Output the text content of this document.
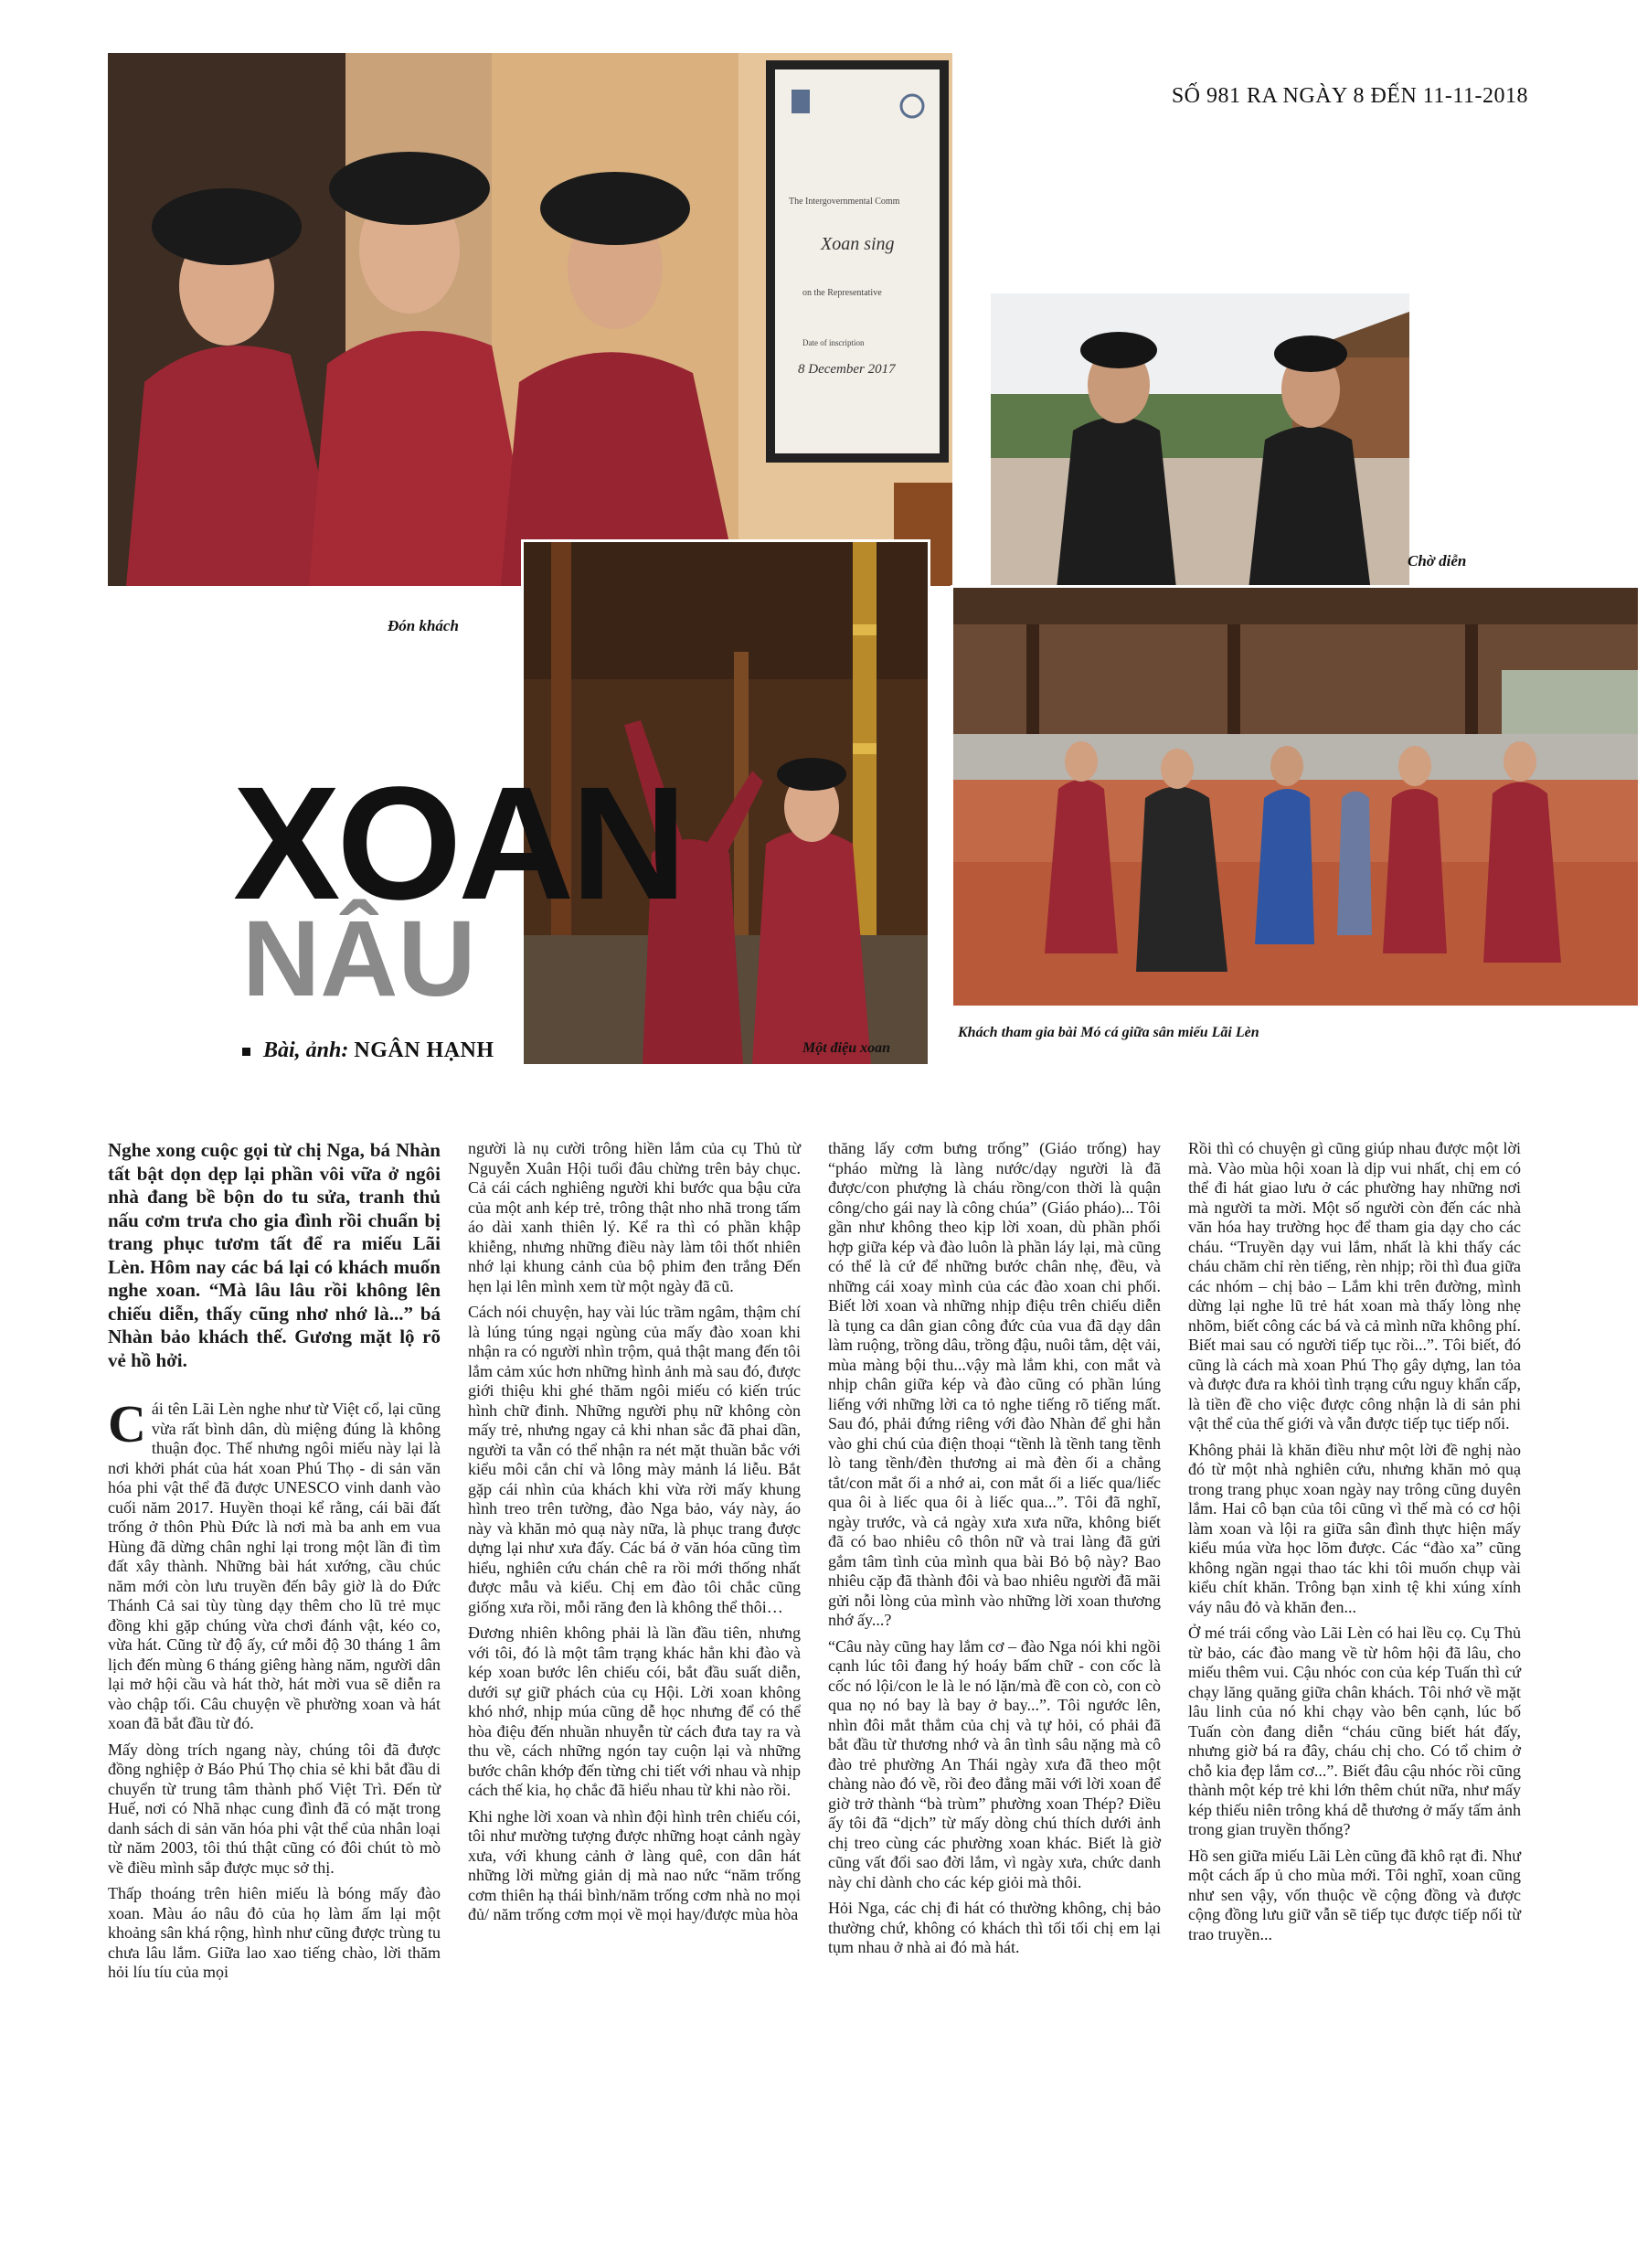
SỐ 981 RA NGÀY 8 ĐẾN 11-11-2018
The Intergovernmental Comm
Xoan sing
on the Representative
Date of inscription
8 December 2017
Đón khách
Chờ diễn
Một điệu xoan
Khách tham gia bài Mó cá giữa sân miếu Lãi Lèn
XOAN
NÂU
Bài, ảnh: NGÂN HẠNH

Nghe xong cuộc gọi từ chị Nga, bá Nhàn tất bật dọn dẹp lại phần vôi vữa ở ngôi nhà đang bề bộn do tu sửa, tranh thủ nấu cơm trưa cho gia đình rồi chuẩn bị trang phục tươm tất để ra miếu Lãi Lèn. Hôm nay các bá lại có khách muốn nghe xoan. “Mà lâu lâu rồi không lên chiếu diễn, thấy cũng nhơ nhớ là...” bá Nhàn bảo khách thế. Gương mặt lộ rõ vẻ hồ hởi.

Cái tên Lãi Lèn nghe như từ Việt cổ, lại cũng vừa rất bình dân, dù miệng đúng là không thuận đọc. Thế nhưng ngôi miếu này lại là nơi khởi phát của hát xoan Phú Thọ - di sản văn hóa phi vật thể đã được UNESCO vinh danh vào cuối năm 2017. Huyền thoại kể rằng, cái bãi đất trống ở thôn Phù Đức là nơi mà ba anh em vua Hùng đã dừng chân nghỉ lại trong một lần đi tìm đất xây thành. Những bài hát xướng, cầu chúc năm mới còn lưu truyền đến bây giờ là do Đức Thánh Cả sai tùy tùng dạy thêm cho lũ trẻ mục đồng khi gặp chúng vừa chơi đánh vật, kéo co, vừa hát. Cũng từ độ ấy, cứ mỗi độ 30 tháng 1 âm lịch đến mùng 6 tháng giêng hàng năm, người dân lại mở hội cầu và hát thờ, hát mời vua sẽ diễn ra vào chập tối. Câu chuyện về phường xoan và hát xoan đã bắt đầu từ đó.

Mấy dòng trích ngang này, chúng tôi đã được đồng nghiệp ở Báo Phú Thọ chia sẻ khi bắt đầu di chuyển từ trung tâm thành phố Việt Trì. Đến từ Huế, nơi có Nhã nhạc cung đình đã có mặt trong danh sách di sản văn hóa phi vật thể của nhân loại từ năm 2003, tôi thú thật cũng có đôi chút tò mò về điều mình sắp được mục sở thị.

Thấp thoáng trên hiên miếu là bóng mấy đào xoan. Màu áo nâu đỏ của họ làm ấm lại một khoảng sân khá rộng, hình như cũng được trùng tu chưa lâu lắm. Giữa lao xao tiếng chào, lời thăm hỏi líu tíu của mọi

người là nụ cười trông hiền lắm của cụ Thủ từ Nguyễn Xuân Hội tuổi đâu chừng trên bảy chục. Cả cái cách nghiêng người khi bước qua bậu cửa của một anh kép trẻ, trông thật nho nhã trong tấm áo dài xanh thiên lý. Kể ra thì có phần khập khiễng, nhưng những điều này làm tôi thốt nhiên nhớ lại khung cảnh của bộ phim đen trắng Đến hẹn lại lên mình xem từ một ngày đã cũ.

Cách nói chuyện, hay vài lúc trầm ngâm, thậm chí là lúng túng ngại ngùng của mấy đào xoan khi nhận ra có người nhìn trộm, quả thật mang đến tôi lắm cảm xúc hơn những hình ảnh mà sau đó, được giới thiệu khi ghé thăm ngôi miếu có kiến trúc hình chữ đinh. Những người phụ nữ không còn mấy trẻ, nhưng ngay cả khi nhan sắc đã phai dần, người ta vẫn có thể nhận ra nét mặt thuần bắc với kiểu môi cắn chỉ và lông mày mảnh lá liễu. Bắt gặp cái nhìn của khách khi vừa rời mấy khung hình treo trên tường, đào Nga bảo, váy này, áo này và khăn mỏ quạ này nữa, là phục trang được dựng lại như xưa đấy. Các bá ở văn hóa cũng tìm hiểu, nghiên cứu chán chê ra rồi mới thống nhất được mẫu và kiểu. Chị em đào tôi chắc cũng giống xưa rồi, mỗi răng đen là không thể thôi…

Đương nhiên không phải là lần đầu tiên, nhưng với tôi, đó là một tâm trạng khác hẳn khi đào và kép xoan bước lên chiếu cói, bắt đầu suất diễn, dưới sự giữ phách của cụ Hội. Lời xoan không khó nhớ, nhịp múa cũng dễ học nhưng để có thể hòa điệu đến nhuần nhuyễn từ cách đưa tay ra và thu về, cách những ngón tay cuộn lại và những bước chân khớp đến từng chi tiết với nhau và nhịp cách thế kia, họ chắc đã hiểu nhau từ khi nào rồi.

Khi nghe lời xoan và nhìn đội hình trên chiếu cói, tôi như mường tượng được những hoạt cảnh ngày xưa, với khung cảnh ở làng quê, con dân hát những lời mừng giản dị mà nao nức “năm trống cơm thiên hạ thái bình/năm trống cơm nhà no mọi đủ/ năm trống cơm mọi về mọi hay/được mùa hòa

thăng lấy cơm bưng trống” (Giáo trống) hay “pháo mừng là làng nước/dạy người là đã được/con phượng là cháu rồng/con thời là quận công/cho gái nay là công chúa” (Giáo pháo)... Tôi gần như không theo kịp lời xoan, dù phần phối hợp giữa kép và đào luôn là phần láy lại, mà cũng có thể là cứ để những bước chân nhẹ, đều, và những cái xoay mình của các đào xoan chi phối. Biết lời xoan và những nhịp điệu trên chiếu diễn là tụng ca dân gian công đức của vua đã dạy dân làm ruộng, trồng dâu, trồng đậu, nuôi tằm, dệt vải, mùa màng bội thu...vậy mà lắm khi, con mắt và nhịp chân giữa kép và đào cũng có phần lúng liếng với những lời ca tỏ nghe tiếng rõ tiếng mất. Sau đó, phải đứng riêng với đào Nhàn để ghi hẳn vào ghi chú của điện thoại “tềnh là tềnh tang tềnh lò tang tềnh/đèn thương ai mà đèn ối a chẳng tắt/con mắt ối a nhớ ai, con mắt ối a liếc qua/liếc qua ôi à liếc qua ôi à liếc qua...”. Tôi đã nghĩ, ngày trước, và cả ngày xưa xưa nữa, không biết đã có bao nhiêu cô thôn nữ và trai làng đã gửi gắm tâm tình của mình qua bài Bỏ bộ này? Bao nhiêu cặp đã thành đôi và bao nhiêu người đã mãi gửi nỗi lòng của mình vào những lời xoan thương nhớ ấy...?

“Câu này cũng hay lắm cơ – đào Nga nói khi ngồi cạnh lúc tôi đang hý hoáy bấm chữ - con cốc là cốc nó lội/con le là le nó lặn/mà đề con cò, con cò qua nọ nó bay là bay ở bay...”. Tôi ngước lên, nhìn đôi mắt thẳm của chị và tự hỏi, có phải đã bắt đầu từ thương nhớ và ân tình sâu nặng mà cô đào trẻ phường An Thái ngày xưa đã theo một chàng nào đó về, rồi đeo đẳng mãi với lời xoan để giờ trở thành “bà trùm” phường xoan Thép? Điều ấy tôi đã “dịch” từ mấy dòng chú thích dưới ảnh chị treo cùng các phường xoan khác. Biết là giờ cũng vất đổi sao đời lắm, vì ngày xưa, chức danh này chỉ dành cho các kép giỏi mà thôi.

Hỏi Nga, các chị đi hát có thường không, chị bảo thường chứ, không có khách thì tối tối chị em lại tụm nhau ở nhà ai đó mà hát.

Rồi thì có chuyện gì cũng giúp nhau được một lời mà. Vào mùa hội xoan là dịp vui nhất, chị em có thể đi hát giao lưu ở các phường hay những nơi mà người ta mời. Một số người còn đến các nhà văn hóa hay trường học để tham gia dạy cho các cháu. “Truyền dạy vui lắm, nhất là khi thấy các cháu chăm chỉ rèn tiếng, rèn nhịp; rồi thì đua giữa các nhóm – chị bảo – Lắm khi trên đường, mình dừng lại nghe lũ trẻ hát xoan mà thấy lòng nhẹ nhõm, biết công các bá và cả mình nữa không phí. Biết mai sau có người tiếp tục rồi...”. Tôi biết, đó cũng là cách mà xoan Phú Thọ gây dựng, lan tỏa và được đưa ra khỏi tình trạng cứu nguy khẩn cấp, là tiền đề cho việc được công nhận là di sản phi vật thể của thế giới và vẫn được tiếp tục tiếp nối.

Không phải là khăn điều như một lời đề nghị nào đó từ một nhà nghiên cứu, nhưng khăn mỏ quạ trong trang phục xoan ngày nay trông cũng duyên lắm. Hai cô bạn của tôi cũng vì thế mà có cơ hội làm xoan và lội ra giữa sân đình thực hiện mấy kiểu múa vừa học lõm được. Các “đào xa” cũng không ngần ngại thao tác khi tôi muốn chụp vài kiểu chít khăn. Trông bạn xinh tệ khi xúng xính váy nâu đỏ và khăn đen...

Ở mé trái cổng vào Lãi Lèn có hai lều cọ. Cụ Thủ từ bảo, các đào mang về từ hôm hội đã lâu, cho miếu thêm vui. Cậu nhóc con của kép Tuấn thì cứ chạy lăng quăng giữa chân khách. Tôi nhớ về mặt lâu linh của nó khi chạy vào bên cạnh, lúc bố Tuấn còn đang diễn “cháu cũng biết hát đấy, nhưng giờ bá ra đây, cháu chị cho. Có tổ chim ở chỗ kia đẹp lắm cơ...”. Biết đâu cậu nhóc rồi cũng thành một kép trẻ khi lớn thêm chút nữa, như mấy kép thiếu niên trông khá dễ thương ở mấy tấm ảnh trong gian truyền thống?

Hồ sen giữa miếu Lãi Lèn cũng đã khô rạt đi. Như một cách ấp ủ cho mùa mới. Tôi nghĩ, xoan cũng như sen vậy, vốn thuộc về cộng đồng và được cộng đồng lưu giữ vẫn sẽ tiếp tục được tiếp nối từ trao truyền...
